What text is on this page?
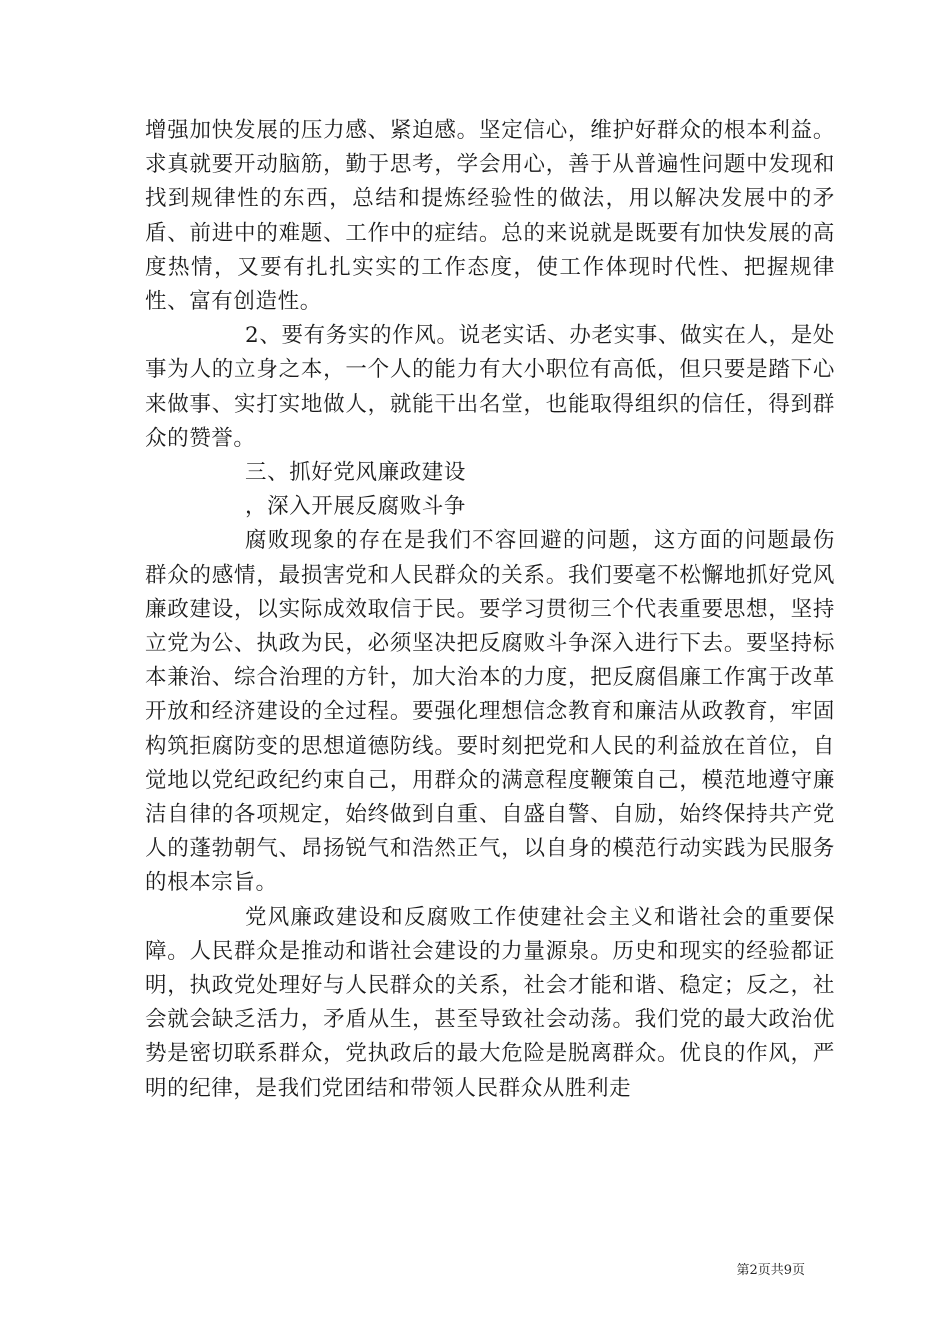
增强加快发展的压力感、紧迫感。坚定信心，维护好群众的根本利益。求真就要开动脑筋，勤于思考，学会用心，善于从普遍性问题中发现和找到规律性的东西，总结和提炼经验性的做法，用以解决发展中的矛盾、前进中的难题、工作中的症结。总的来说就是既要有加快发展的高度热情，又要有扎扎实实的工作态度，使工作体现时代性、把握规律性、富有创造性。

2、要有务实的作风。说老实话、办老实事、做实在人，是处事为人的立身之本，一个人的能力有大小职位有高低，但只要是踏下心来做事、实打实地做人，就能干出名堂，也能取得组织的信任，得到群众的赞誉。

三、抓好党风廉政建设

，深入开展反腐败斗争

腐败现象的存在是我们不容回避的问题，这方面的问题最伤群众的感情，最损害党和人民群众的关系。我们要毫不松懈地抓好党风廉政建设，以实际成效取信于民。要学习贯彻三个代表重要思想，坚持立党为公、执政为民，必须坚决把反腐败斗争深入进行下去。要坚持标本兼治、综合治理的方针，加大治本的力度，把反腐倡廉工作寓于改革开放和经济建设的全过程。要强化理想信念教育和廉洁从政教育，牢固构筑拒腐防变的思想道德防线。要时刻把党和人民的利益放在首位，自觉地以党纪政纪约束自己，用群众的满意程度鞭策自己，模范地遵守廉洁自律的各项规定，始终做到自重、自盛自警、自励，始终保持共产党人的蓬勃朝气、昂扬锐气和浩然正气，以自身的模范行动实践为民服务的根本宗旨。

党风廉政建设和反腐败工作使建社会主义和谐社会的重要保障。人民群众是推动和谐社会建设的力量源泉。历史和现实的经验都证明，执政党处理好与人民群众的关系，社会才能和谐、稳定；反之，社会就会缺乏活力，矛盾从生，甚至导致社会动荡。我们党的最大政治优势是密切联系群众，党执政后的最大危险是脱离群众。优良的作风，严明的纪律，是我们党团结和带领人民群众从胜利走

第2页共9页
